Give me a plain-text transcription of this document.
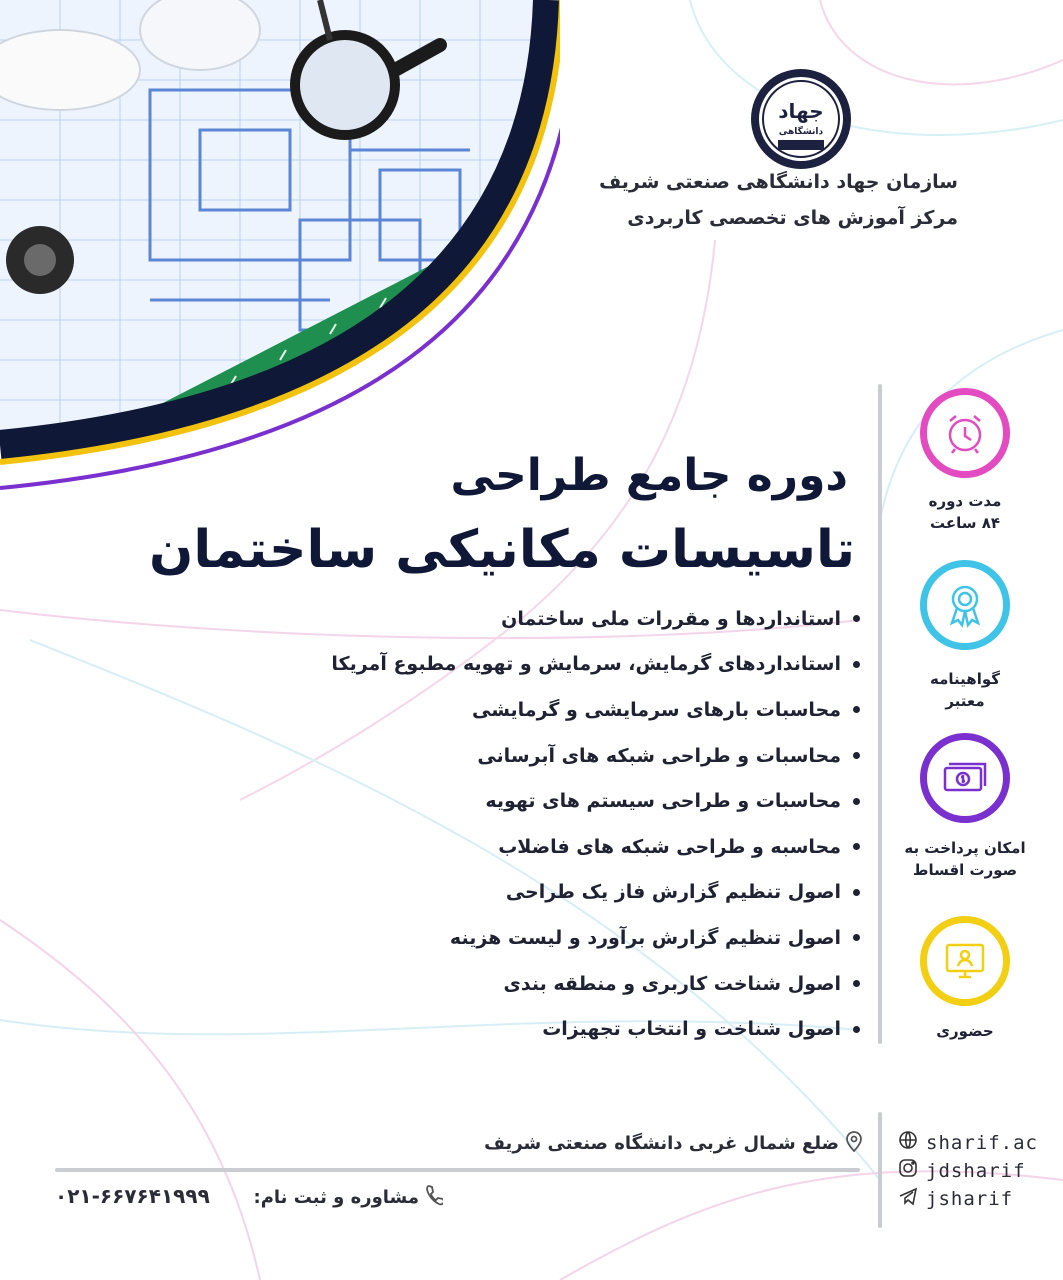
جهاد
دانشگاهی
سازمان جهاد دانشگاهی صنعتی شریف
مرکز آموزش های تخصصی کاربردی
دوره جامع طراحی
تاسیسات مکانیکی ساختمان
استانداردها و مقررات ملی ساختمان
استانداردهای گرمایش، سرمایش و تهویه مطبوع آمریکا
محاسبات بارهای سرمایشی و گرمایشی
محاسبات و طراحی شبکه های آبرسانی
محاسبات و طراحی سیستم های تهویه
محاسبه و طراحی شبکه های فاضلاب
اصول تنظیم گزارش فاز یک طراحی
اصول تنظیم گزارش برآورد و لیست هزینه
اصول شناخت کاربری و منطقه بندی
اصول شناخت و انتخاب تجهیزات
مدت دوره
۸۴ ساعت
گواهینامه
معتبر
امکان پرداخت به
صورت اقساط
حضوری
ضلع شمال غربی دانشگاه صنعتی شریف
مشاوره و ثبت نام:
۰۲۱-۶۶۷۶۴۱۹۹۹
sharif.ac
jdsharif
jsharif
